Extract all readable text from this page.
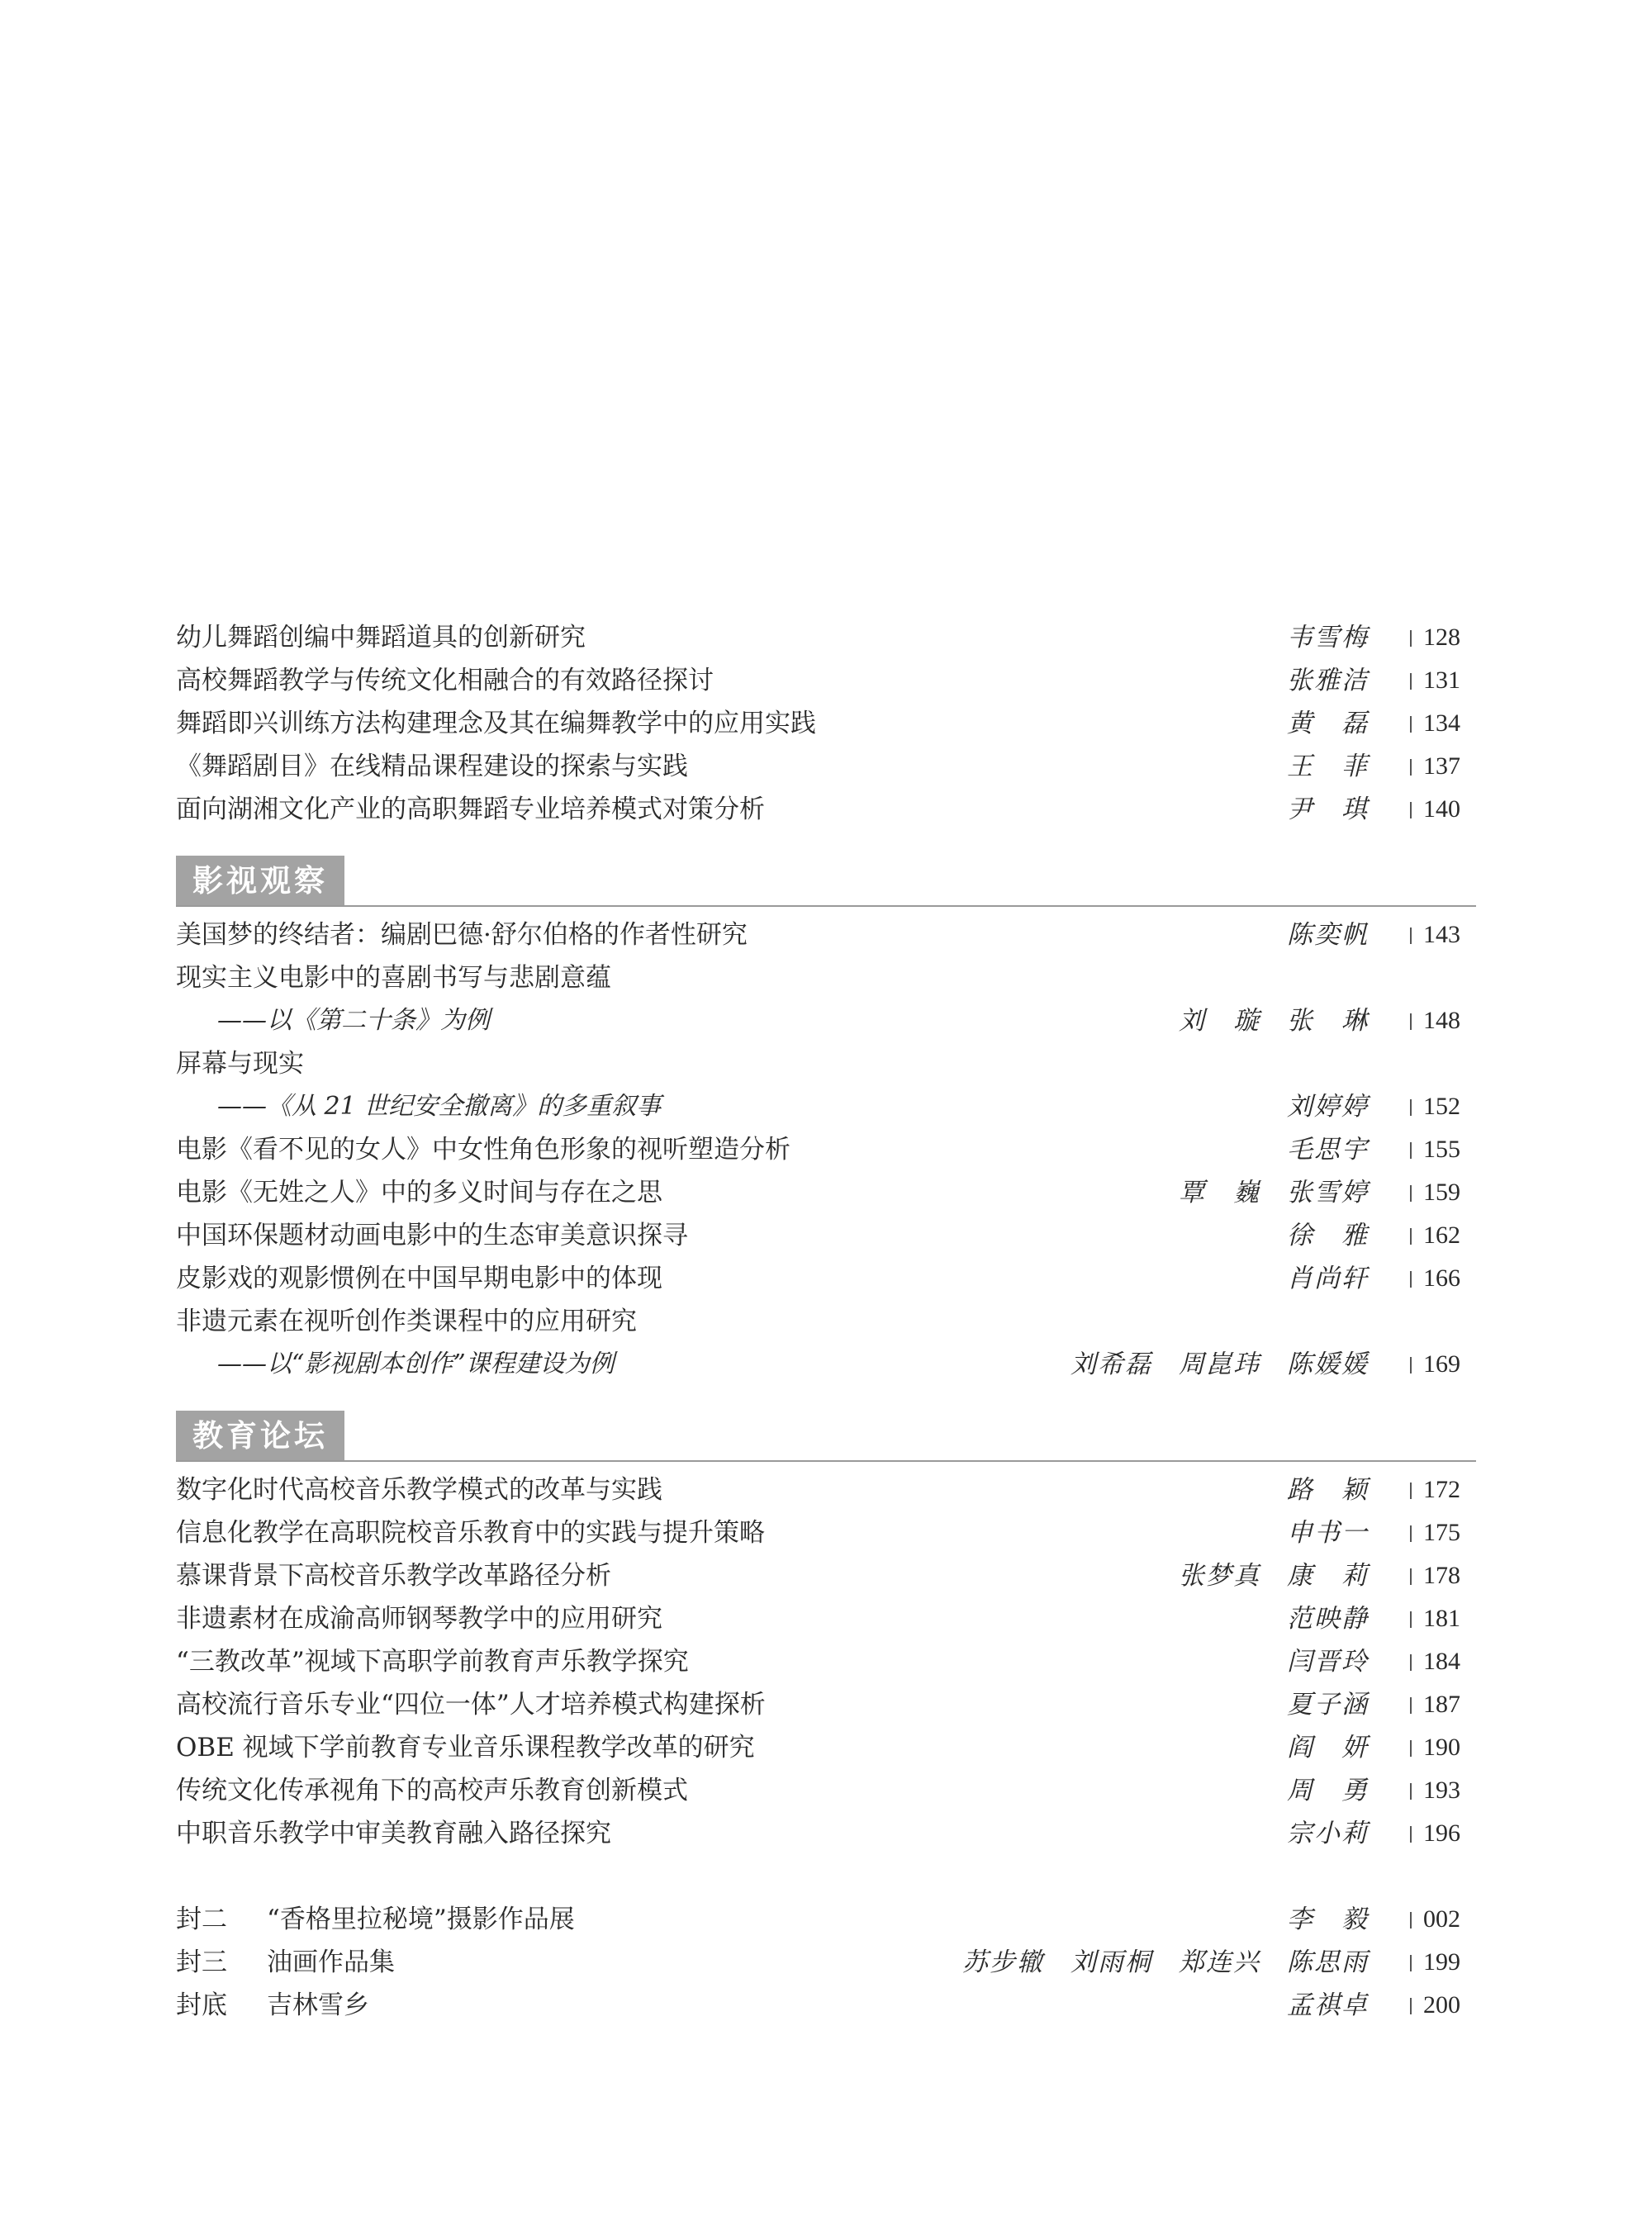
幼儿舞蹈创编中舞蹈道具的创新研究	韦雪梅	128
高校舞蹈教学与传统文化相融合的有效路径探讨	张雅洁	131
舞蹈即兴训练方法构建理念及其在编舞教学中的应用实践	黄　磊	134
《舞蹈剧目》在线精品课程建设的探索与实践	王　菲	137
面向湖湘文化产业的高职舞蹈专业培养模式对策分析	尹　琪	140
影视观察
美国梦的终结者：编剧巴德·舒尔伯格的作者性研究	陈奕帆	143
现实主义电影中的喜剧书写与悲剧意蕴
——以《第二十条》为例	刘　璇 张　琳	148
屏幕与现实
——《从 21 世纪安全撤离》的多重叙事	刘婷婷	152
电影《看不见的女人》中女性角色形象的视听塑造分析	毛思宇	155
电影《无姓之人》中的多义时间与存在之思	覃　巍 张雪婷	159
中国环保题材动画电影中的生态审美意识探寻	徐　雅	162
皮影戏的观影惯例在中国早期电影中的体现	肖尚轩	166
非遗元素在视听创作类课程中的应用研究
——以“影视剧本创作”课程建设为例	刘希磊 周崑玮 陈媛媛	169
教育论坛
数字化时代高校音乐教学模式的改革与实践	路　颖	172
信息化教学在高职院校音乐教育中的实践与提升策略	申书一	175
慕课背景下高校音乐教学改革路径分析	张梦真 康　莉	178
非遗素材在成渝高师钢琴教学中的应用研究	范映静	181
“三教改革”视域下高职学前教育声乐教学探究	闫晋玲	184
高校流行音乐专业“四位一体”人才培养模式构建探析	夏子涵	187
OBE 视域下学前教育专业音乐课程教学改革的研究	阎　妍	190
传统文化传承视角下的高校声乐教育创新模式	周　勇	193
中职音乐教学中审美教育融入路径探究	宗小莉	196
封二 “香格里拉秘境”摄影作品展	李　毅	002
封三 油画作品集	苏步辙 刘雨桐 郑连兴 陈思雨	199
封底 吉林雪乡	孟祺卓	200
